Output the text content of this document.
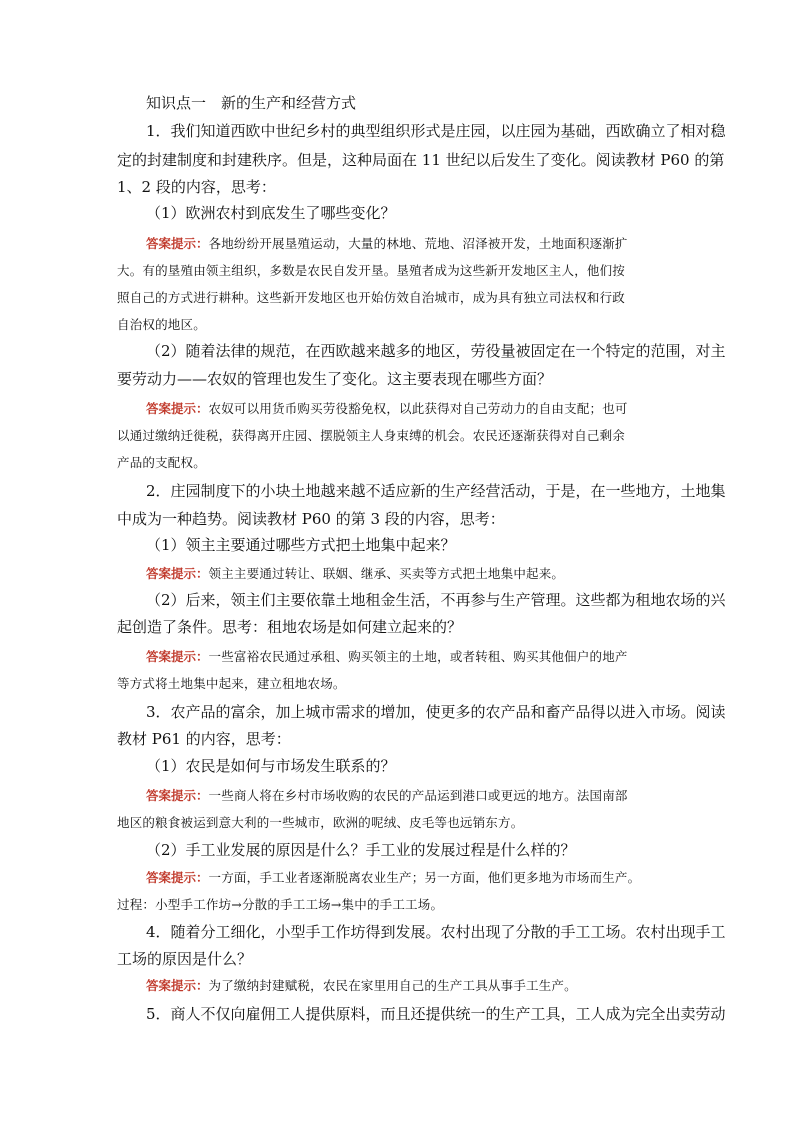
知识点一　新的生产和经营方式
1．我们知道西欧中世纪乡村的典型组织形式是庄园，以庄园为基础，西欧确立了相对稳
定的封建制度和封建秩序。但是，这种局面在 11 世纪以后发生了变化。阅读教材 P60 的第
1、2 段的内容，思考：
（1）欧洲农村到底发生了哪些变化？
答案提示：各地纷纷开展垦殖运动，大量的林地、荒地、沼泽被开发，土地面积逐渐扩
大。有的垦殖由领主组织，多数是农民自发开垦。垦殖者成为这些新开发地区主人，他们按
照自己的方式进行耕种。这些新开发地区也开始仿效自治城市，成为具有独立司法权和行政
自治权的地区。
（2）随着法律的规范，在西欧越来越多的地区，劳役量被固定在一个特定的范围，对主
要劳动力——农奴的管理也发生了变化。这主要表现在哪些方面？
答案提示：农奴可以用货币购买劳役豁免权，以此获得对自己劳动力的自由支配；也可
以通过缴纳迁徙税，获得离开庄园、摆脱领主人身束缚的机会。农民还逐渐获得对自己剩余
产品的支配权。
2．庄园制度下的小块土地越来越不适应新的生产经营活动，于是，在一些地方，土地集
中成为一种趋势。阅读教材 P60 的第 3 段的内容，思考：
（1）领主主要通过哪些方式把土地集中起来？
答案提示：领主主要通过转让、联姻、继承、买卖等方式把土地集中起来。
（2）后来，领主们主要依靠土地租金生活，不再参与生产管理。这些都为租地农场的兴
起创造了条件。思考：租地农场是如何建立起来的？
答案提示：一些富裕农民通过承租、购买领主的土地，或者转租、购买其他佃户的地产
等方式将土地集中起来，建立租地农场。
3．农产品的富余，加上城市需求的增加，使更多的农产品和畜产品得以进入市场。阅读
教材 P61 的内容，思考：
（1）农民是如何与市场发生联系的？
答案提示：一些商人将在乡村市场收购的农民的产品运到港口或更远的地方。法国南部
地区的粮食被运到意大利的一些城市，欧洲的呢绒、皮毛等也远销东方。
（2）手工业发展的原因是什么？手工业的发展过程是什么样的？
答案提示：一方面，手工业者逐渐脱离农业生产；另一方面，他们更多地为市场而生产。
过程：小型手工作坊→分散的手工工场→集中的手工工场。
4．随着分工细化，小型手工作坊得到发展。农村出现了分散的手工工场。农村出现手工
工场的原因是什么？
答案提示：为了缴纳封建赋税，农民在家里用自己的生产工具从事手工生产。
5．商人不仅向雇佣工人提供原料，而且还提供统一的生产工具，工人成为完全出卖劳动
